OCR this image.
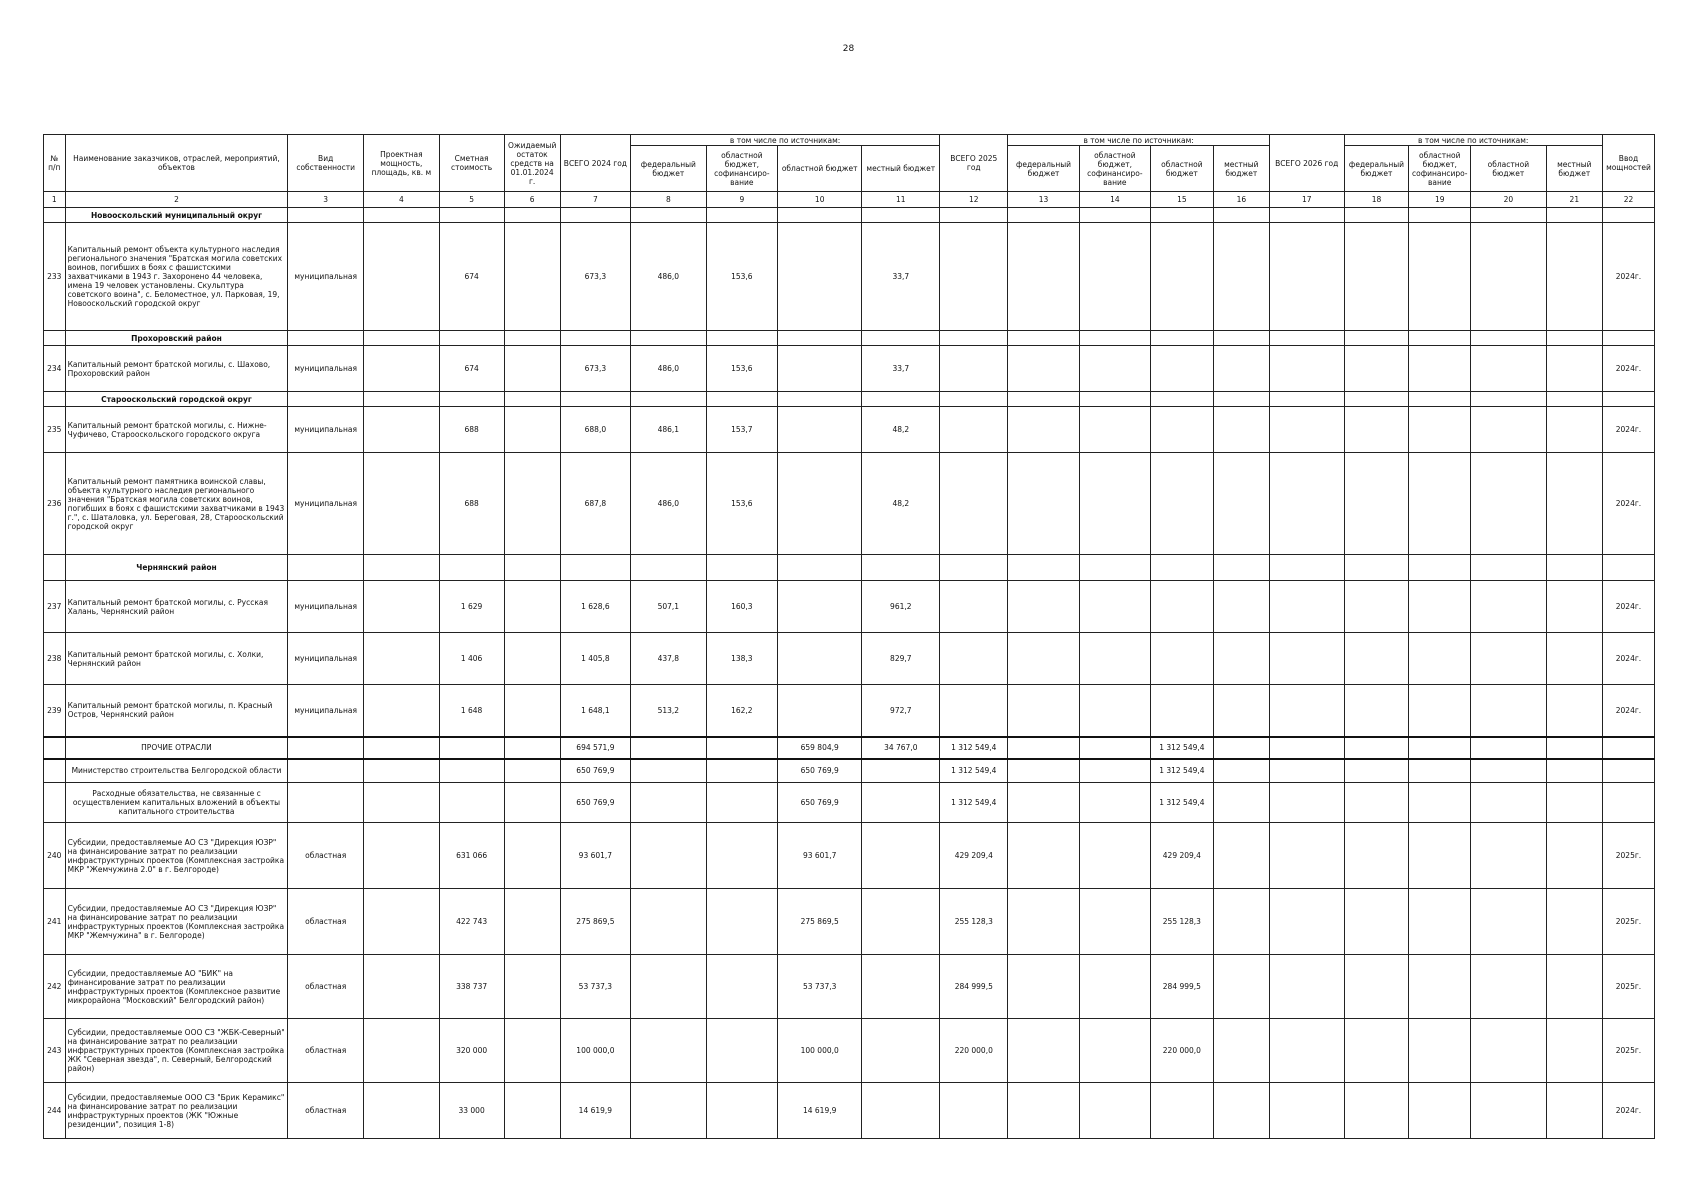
28
№ п/п	Наименование заказчиков, отраслей, мероприятий, объектов	Вид собственности	Проектная мощность, площадь, кв. м	Сметная стоимость	Ожидаемый остаток средств на 01.01.2024 г.	ВСЕГО 2024 год	в том числе по источникам:				ВСЕГО 2025 год	в том числе по источникам:				ВСЕГО 2026 год	в том числе по источникам:				Ввод мощностей
							федеральный бюджет	областной бюджет, софинансиро-вание	областной бюджет	местный бюджет		федеральный бюджет	областной бюджет, софинансиро-вание	областной бюджет	местный бюджет		федеральный бюджет	областной бюджет, софинансиро-вание	областной бюджет	местный бюджет	
1	2	3	4	5	6	7	8	9	10	11	12	13	14	15	16	17	18	19	20	21	22
	Новооскольский муниципальный округ																				
233	Капитальный ремонт объекта культурного наследия регионального значения "Братская могила советских воинов, погибших в боях с фашистскими захватчиками в 1943 г. Захоронено 44 человека, имена 19 человек установлены. Скульптура советского воина", с. Беломестное, ул. Парковая, 19, Новооскольский городской округ	муниципальная		674		673,3	486,0	153,6		33,7											2024г.
	Прохоровский район																				
234	Капитальный ремонт братской могилы, с. Шахово, Прохоровский район	муниципальная		674		673,3	486,0	153,6		33,7											2024г.
	Старооскольский городской округ																				
235	Капитальный ремонт братской могилы, с. Нижне-Чуфичево, Старооскольского городского округа	муниципальная		688		688,0	486,1	153,7		48,2											2024г.
236	Капитальный ремонт памятника воинской славы, объекта культурного наследия регионального значения "Братская могила советских воинов, погибших в боях с фашистскими захватчиками в 1943 г.", с. Шаталовка, ул. Береговая, 28, Старооскольский городской округ	муниципальная		688		687,8	486,0	153,6		48,2											2024г.
	Чернянский район																				
237	Капитальный ремонт братской могилы, с. Русская Халань, Чернянский район	муниципальная		1 629		1 628,6	507,1	160,3		961,2											2024г.
238	Капитальный ремонт братской могилы, с. Холки, Чернянский район	муниципальная		1 406		1 405,8	437,8	138,3		829,7											2024г.
239	Капитальный ремонт братской могилы, п. Красный Остров, Чернянский район	муниципальная		1 648		1 648,1	513,2	162,2		972,7											2024г.
	ПРОЧИЕ ОТРАСЛИ					694 571,9			659 804,9	34 767,0	1 312 549,4			1 312 549,4							
	Министерство строительства Белгородской области					650 769,9			650 769,9		1 312 549,4			1 312 549,4							
	Расходные обязательства, не связанные с осуществлением капитальных вложений в объекты капитального строительства					650 769,9			650 769,9		1 312 549,4			1 312 549,4							
240	Субсидии, предоставляемые АО СЗ "Дирекция ЮЗР" на финансирование затрат по реализации инфраструктурных проектов (Комплексная застройка МКР "Жемчужина 2.0" в г. Белгороде)	областная		631 066		93 601,7			93 601,7		429 209,4			429 209,4							2025г.
241	Субсидии, предоставляемые АО СЗ "Дирекция ЮЗР" на финансирование затрат по реализации инфраструктурных проектов (Комплексная застройка МКР "Жемчужина" в г. Белгороде)	областная		422 743		275 869,5			275 869,5		255 128,3			255 128,3							2025г.
242	Субсидии, предоставляемые АО "БИК" на финансирование затрат по реализации инфраструктурных проектов (Комплексное развитие микрорайона "Московский" Белгородский район)	областная		338 737		53 737,3			53 737,3		284 999,5			284 999,5							2025г.
243	Субсидии, предоставляемые ООО СЗ "ЖБК-Северный" на финансирование затрат по реализации инфраструктурных проектов (Комплексная застройка ЖК "Северная звезда", п. Северный, Белгородский район)	областная		320 000		100 000,0			100 000,0		220 000,0			220 000,0							2025г.
244	Субсидии, предоставляемые ООО СЗ "Брик Керамикс" на финансирование затрат по реализации инфраструктурных проектов (ЖК "Южные резиденции", позиция 1-8)	областная		33 000		14 619,9			14 619,9												2024г.
